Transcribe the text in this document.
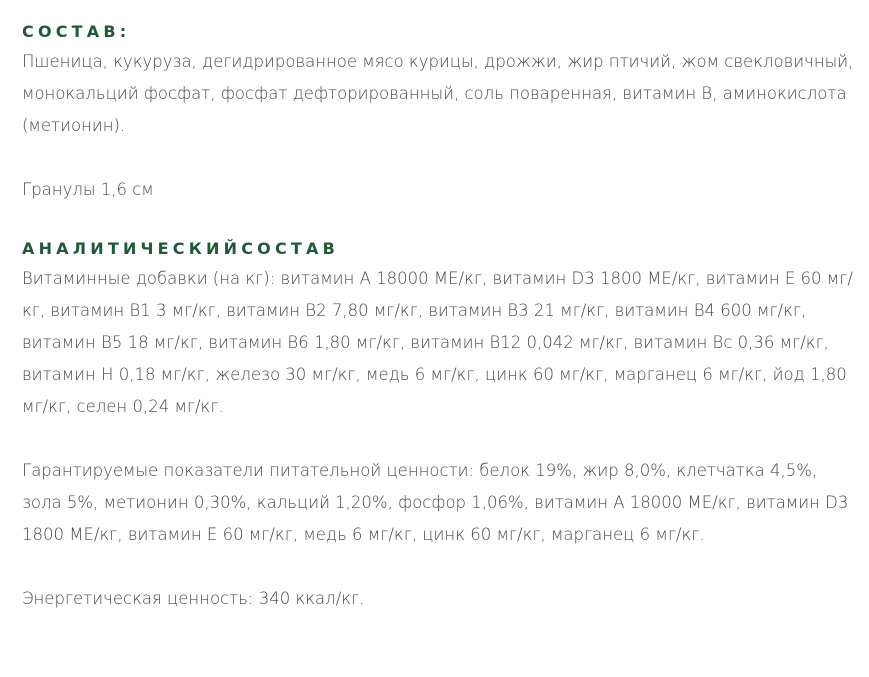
СОСТАВ:

Пшеница, кукуруза, дегидрированное мясо курицы, дрожжи, жир птичий, жом свекловичный, монокальций фосфат, фосфат дефторированный, соль поваренная, витамин В, аминокислота (метионин).

Гранулы 1,6 см

АНАЛИТИЧЕСКИЙСОСТАВ

Витаминные добавки (на кг): витамин А 18000 МЕ/кг, витамин D3 1800 МЕ/кг, витамин Е 60 мг/кг, витамин В1 3 мг/кг, витамин В2 7,80 мг/кг, витамин В3 21 мг/кг, витамин В4 600 мг/кг, витамин В5 18 мг/кг, витамин В6 1,80 мг/кг, витамин В12 0,042 мг/кг, витамин Вс 0,36 мг/кг, витамин Н 0,18 мг/кг, железо 30 мг/кг, медь 6 мг/кг, цинк 60 мг/кг, марганец 6 мг/кг, йод 1,80 мг/кг, селен 0,24 мг/кг.

Гарантируемые показатели питательной ценности: белок 19%, жир 8,0%, клетчатка 4,5%, зола 5%, метионин 0,30%, кальций 1,20%, фосфор 1,06%, витамин А 18000 МЕ/кг, витамин D3 1800 МЕ/кг, витамин Е 60 мг/кг, медь 6 мг/кг, цинк 60 мг/кг, марганец 6 мг/кг.

Энергетическая ценность: 340 ккал/кг.
